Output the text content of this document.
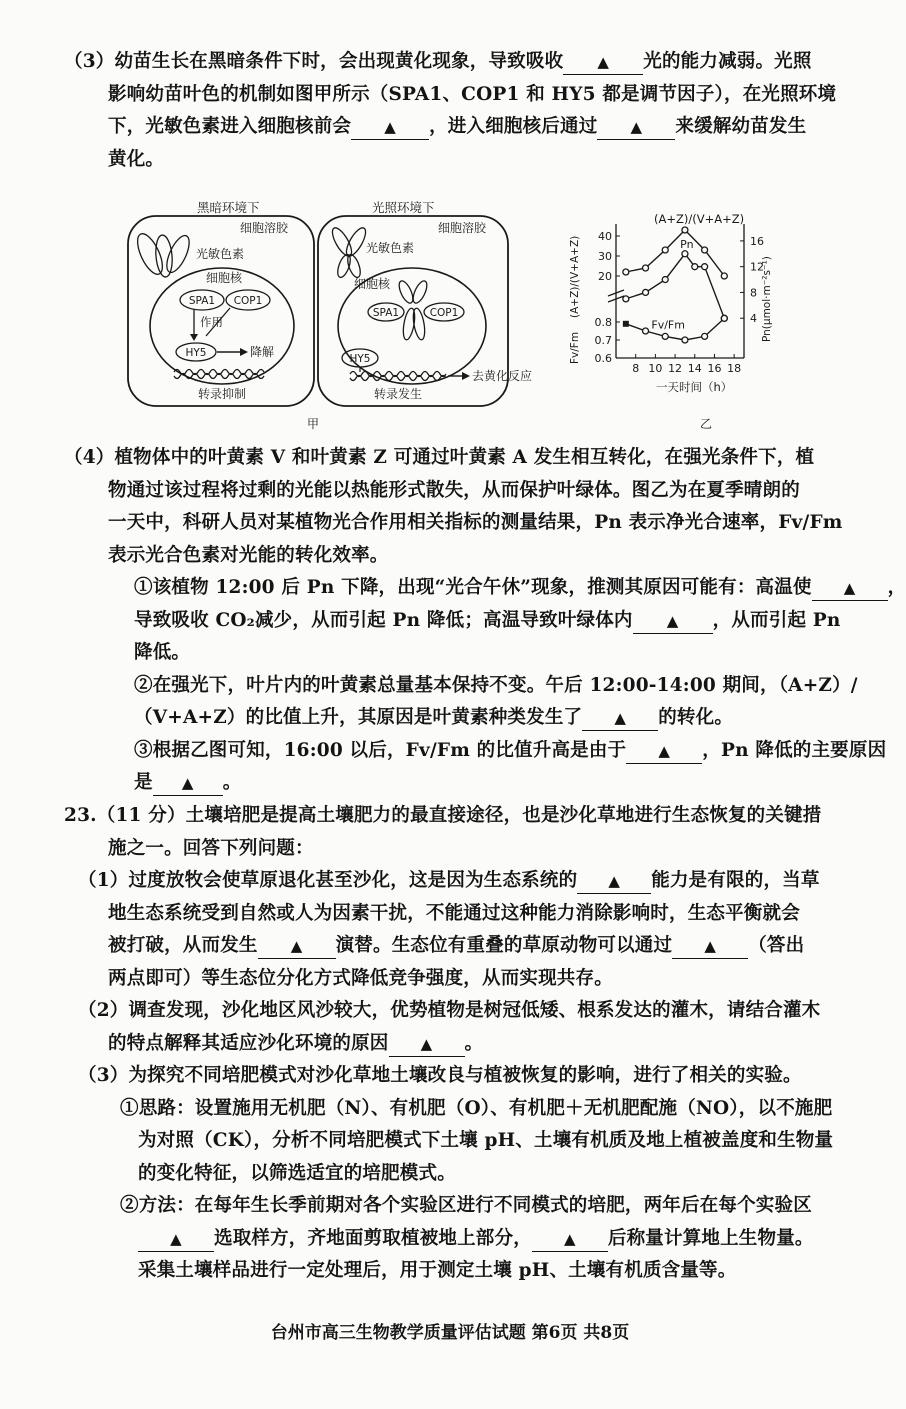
（3）幼苗生长在黑暗条件下时，会出现黄化现象，导致吸收 ▲ 光的能力减弱。光照
影响幼苗叶色的机制如图甲所示（SPA1、COP1 和 HY5 都是调节因子），在光照环境
下，光敏色素进入细胞核前会 ▲ ，进入细胞核后通过 ▲ 来缓解幼苗发生
黄化。
黑暗环境下
细胞溶胶
光敏色素
细胞核
SPA1 COP1
作用
HY5	降解
转录抑制
光照环境下
细胞溶胶
光敏色素
细胞核
SPA1	COP1
HY5
去黄化反应
转录发生
甲
(A+Z)/(V+A+Z)
Fv/Fm
Pn(μmol·m⁻²s⁻¹)
(A+Z)/(V+A+Z)
8 10 12 14 16 18
20
30
40
0.6
0.7
0.8	4
8
12
16
Pn
Fv/Fm
一天时间（h）
乙
（4）植物体中的叶黄素 V 和叶黄素 Z 可通过叶黄素 A 发生相互转化，在强光条件下，植
物通过该过程将过剩的光能以热能形式散失，从而保护叶绿体。图乙为在夏季晴朗的
一天中，科研人员对某植物光合作用相关指标的测量结果，Pn 表示净光合速率，Fv/Fm
表示光合色素对光能的转化效率。
①该植物 12:00 后 Pn 下降，出现“光合午休”现象，推测其原因可能有：高温使 ▲ ，
导致吸收 CO₂减少，从而引起 Pn 降低；高温导致叶绿体内 ▲ ，从而引起 Pn
降低。
②在强光下，叶片内的叶黄素总量基本保持不变。午后 12:00-14:00 期间，（A+Z）/
（V+A+Z）的比值上升，其原因是叶黄素种类发生了 ▲ 的转化。
③根据乙图可知，16:00 以后，Fv/Fm 的比值升高是由于 ▲ ，Pn 降低的主要原因
是 ▲ 。
23.（11 分）土壤培肥是提高土壤肥力的最直接途径，也是沙化草地进行生态恢复的关键措
施之一。回答下列问题：
（1）过度放牧会使草原退化甚至沙化，这是因为生态系统的 ▲ 能力是有限的，当草
地生态系统受到自然或人为因素干扰，不能通过这种能力消除影响时，生态平衡就会
被打破，从而发生 ▲ 演替。生态位有重叠的草原动物可以通过 ▲ （答出
两点即可）等生态位分化方式降低竞争强度，从而实现共存。
（2）调查发现，沙化地区风沙较大，优势植物是树冠低矮、根系发达的灌木，请结合灌木
的特点解释其适应沙化环境的原因 ▲ 。
（3）为探究不同培肥模式对沙化草地土壤改良与植被恢复的影响，进行了相关的实验。
①思路：设置施用无机肥（N）、有机肥（O）、有机肥＋无机肥配施（NO），以不施肥
为对照（CK），分析不同培肥模式下土壤 pH、土壤有机质及地上植被盖度和生物量
的变化特征，以筛选适宜的培肥模式。
②方法：在每年生长季前期对各个实验区进行不同模式的培肥，两年后在每个实验区
▲ 选取样方，齐地面剪取植被地上部分， ▲ 后称量计算地上生物量。
采集土壤样品进行一定处理后，用于测定土壤 pH、土壤有机质含量等。
台州市高三生物教学质量评估试题 第6页 共8页
